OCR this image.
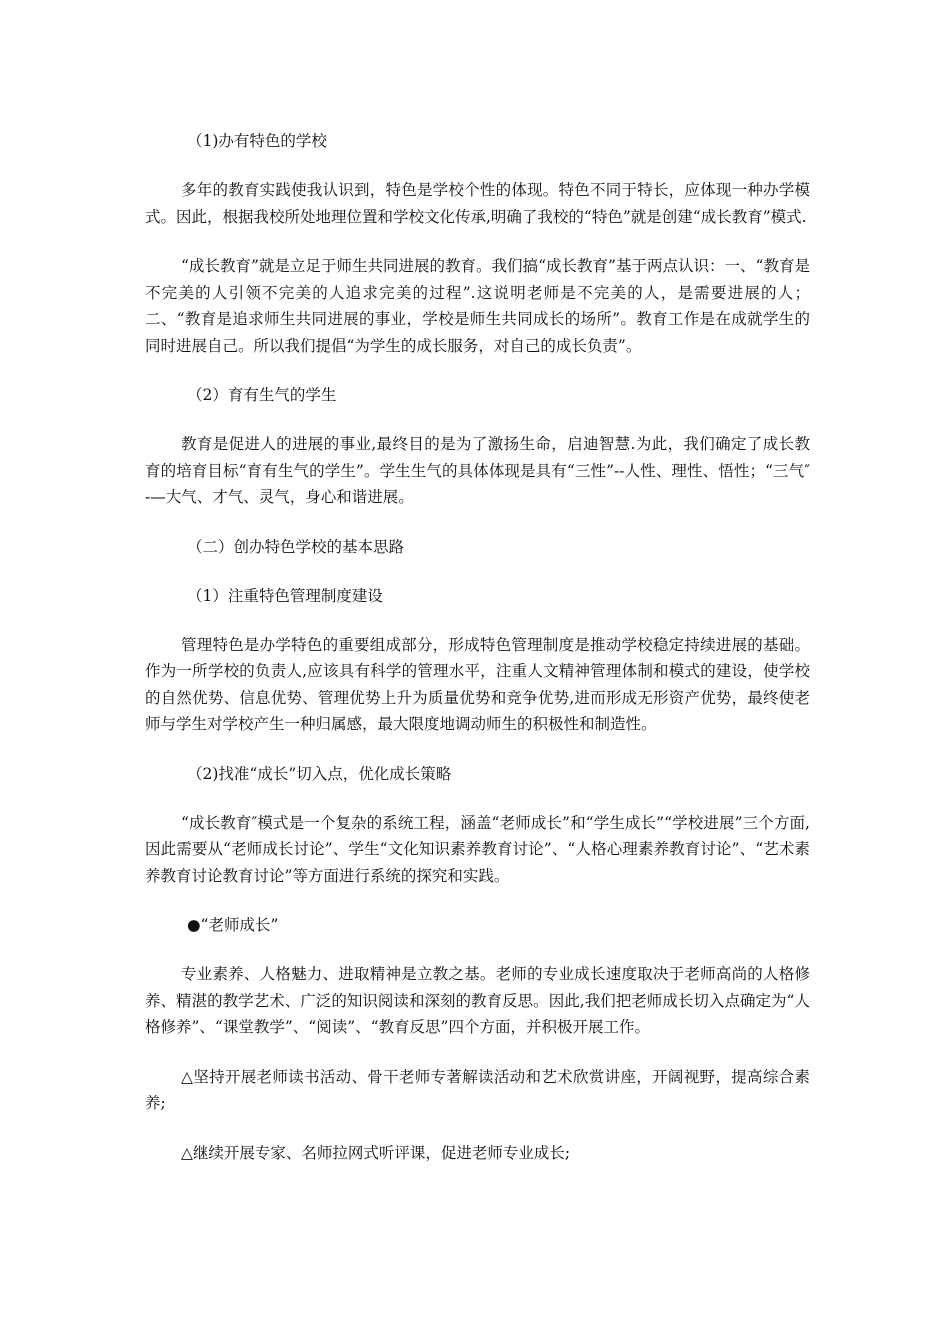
（1)办有特色的学校

多年的教育实践使我认识到，特色是学校个性的体现。特色不同于特长，应体现一种办学模式。因此，根据我校所处地理位置和学校文化传承,明确了我校的“特色”就是创建“成长教育”模式.

“成长教育”就是立足于师生共同进展的教育。我们搞“成长教育”基于两点认识：一、“教育是不完美的人引领不完美的人追求完美的过程”.这说明老师是不完美的人，是需要进展的人；二、“教育是追求师生共同进展的事业，学校是师生共同成长的场所”。教育工作是在成就学生的同时进展自己。所以我们提倡“为学生的成长服务，对自己的成长负责”。

（2）育有生气的学生

教育是促进人的进展的事业,最终目的是为了激扬生命，启迪智慧.为此，我们确定了成长教育的培育目标“育有生气的学生”。学生生气的具体体现是具有“三性”--人性、理性、悟性；“三气″-—大气、才气、灵气，身心和谐进展。

（二）创办特色学校的基本思路

（1）注重特色管理制度建设

管理特色是办学特色的重要组成部分，形成特色管理制度是推动学校稳定持续进展的基础。作为一所学校的负责人,应该具有科学的管理水平，注重人文精神管理体制和模式的建设，使学校的自然优势、信息优势、管理优势上升为质量优势和竞争优势,进而形成无形资产优势，最终使老师与学生对学校产生一种归属感，最大限度地调动师生的积极性和制造性。

（2)找准“成长”切入点，优化成长策略

“成长教育″模式是一个复杂的系统工程，涵盖“老师成长”和“学生成长”“学校进展”三个方面,因此需要从“老师成长讨论”、学生“文化知识素养教育讨论”、“人格心理素养教育讨论”、“艺术素养教育讨论教育讨论”等方面进行系统的探究和实践。

●“老师成长”

专业素养、人格魅力、进取精神是立教之基。老师的专业成长速度取决于老师高尚的人格修养、精湛的教学艺术、广泛的知识阅读和深刻的教育反思。因此,我们把老师成长切入点确定为“人格修养”、“课堂教学”、“阅读”、“教育反思”四个方面，并积极开展工作。

△坚持开展老师读书活动、骨干老师专著解读活动和艺术欣赏讲座，开阔视野，提高综合素养;

△继续开展专家、名师拉网式听评课，促进老师专业成长;
